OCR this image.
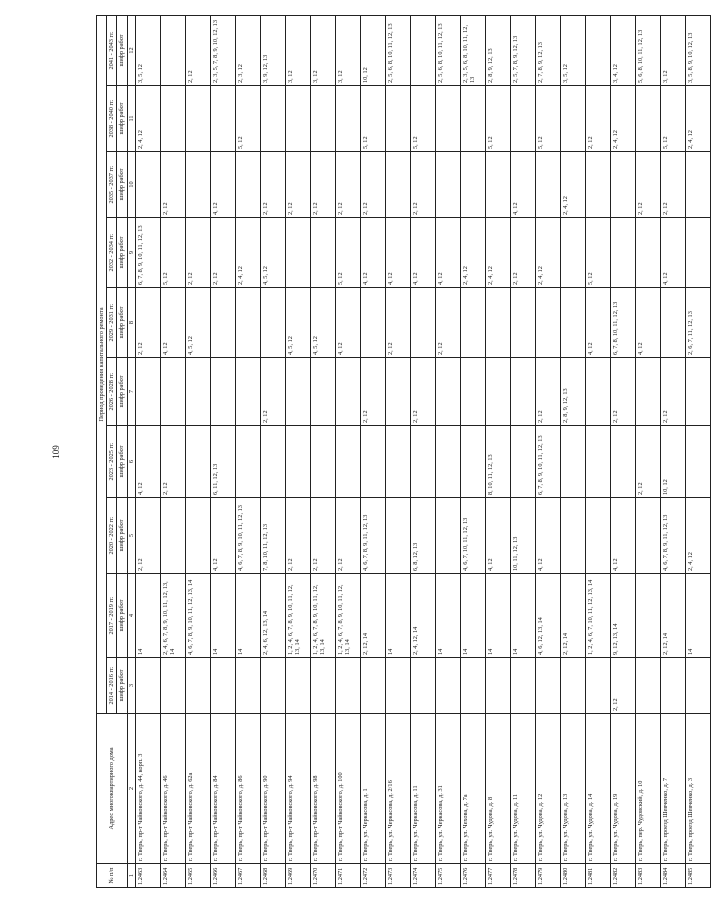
109
№ п/п	Адрес многоквартирного дома	Период проведения капитального ремонта									
		2014 - 2016 гг.	2017 - 2019 гг.	2020 - 2022 гг.	2023 - 2025 гг.	2026 - 2028 гг.	2029 - 2031 гг.	2032 - 2034 гг.	2035 - 2037 гг.	2038 - 2040 гг.	2041 - 2043 гг.
		шифр работ	шифр работ	шифр работ	шифр работ	шифр работ	шифр работ	шифр работ	шифр работ	шифр работ	шифр работ
1	2	3	4	5	6	7	8	9	10	11	12
1.2463	г. Тверь, пр-т Чайковского, д. 44, корп. 3		14	2, 12	4, 12		2, 12	6, 7, 8, 9, 10, 11, 12, 13		2, 4, 12	3, 5, 12
1.2464	г. Тверь, пр-т Чайковского, д. 46		2, 4, 6, 7, 8, 9, 10, 11, 12, 13, 14		2, 12		4, 12	5, 12	2, 12		
1.2465	г. Тверь, пр-т Чайковского, д. 62а		4, 6, 7, 8, 9, 10, 11, 12, 13, 14				4, 5, 12	2, 12			2, 12
1.2466	г. Тверь, пр-т Чайковского, д. 84		14	4, 12	6, 11, 12, 13			2, 12	4, 12		2, 3, 5, 7, 8, 9, 10, 12, 13
1.2467	г. Тверь, пр-т Чайковского, д. 86		14	4, 6, 7, 8, 9, 10, 11, 12, 13				2, 4, 12		5, 12	2, 3, 12
1.2468	г. Тверь, пр-т Чайковского, д. 90		2, 4, 6, 12, 13, 14	7, 8, 10, 11, 12, 13		2, 12		4, 5, 12	2, 12		3, 9, 12, 13
1.2469	г. Тверь, пр-т Чайковского, д. 94		1, 2, 4, 6, 7, 8, 9, 10, 11, 12, 13, 14	2, 12			4, 5, 12		2, 12		3, 12
1.2470	г. Тверь, пр-т Чайковского, д. 98		1, 2, 4, 6, 7, 8, 9, 10, 11, 12, 13, 14	2, 12			4, 5, 12		2, 12		3, 12
1.2471	г. Тверь, пр-т Чайковского, д. 100		1, 2, 4, 6, 7, 8, 9, 10, 11, 12, 13, 14	2, 12			4, 12	5, 12	2, 12		3, 12
1.2472	г. Тверь, ул. Черкасова, д. 1		2, 12, 14	4, 6, 7, 8, 9, 11, 12, 13		2, 12		4, 12	2, 12	5, 12	10, 12
1.2473	г. Тверь, ул. Черкасова, д. 2/16		14				2, 12	4, 12			2, 5, 6, 8, 10, 11, 12, 13
1.2474	г. Тверь, ул. Черкасова, д. 11		2, 4, 12, 14	6, 8, 12, 13		2, 12		4, 12	2, 12	5, 12	
1.2475	г. Тверь, ул. Черкасова, д. 31		14				2, 12	4, 12			2, 5, 6, 8, 10, 11, 12, 13
1.2476	г. Тверь, ул. Чехова, д. 7а		14	4, 6, 7, 10, 11, 12, 13				2, 4, 12			2, 3, 5, 6, 8, 10, 11, 12, 13
1.2477	г. Тверь, ул. Чудова, д. 8		14	4, 12	8, 10, 11, 12, 13			2, 4, 12		5, 12	2, 8, 9, 12, 13
1.2478	г. Тверь, ул. Чудова, д. 11		14	10, 11, 12, 13				2, 12	4, 12		2, 5, 7, 8, 9, 12, 13
1.2479	г. Тверь, ул. Чудова, д. 12		4, 6, 12, 13, 14	4, 12	6, 7, 8, 9, 10, 11, 12, 13	2, 12		2, 4, 12		5, 12	2, 7, 8, 9, 12, 13
1.2480	г. Тверь, ул. Чудова, д. 13		2, 12, 14			2, 8, 9, 12, 13			2, 4, 12		3, 5, 12
1.2481	г. Тверь, ул. Чудова, д. 14		1, 2, 4, 6, 7, 10, 11, 12, 13, 14				4, 12	5, 12		2, 12	
1.2482	г. Тверь, ул. Чудова, д. 19	2, 12	9, 12, 13, 14	4, 12		2, 12	6, 7, 8, 10, 11, 12, 13			2, 4, 12	3, 4, 12
1.2483	г. Тверь, пер. Чудовский, д. 10				2, 12		4, 12		2, 12		5, 6, 8, 10, 11, 12, 13
1.2484	г. Тверь, проезд Шевченко, д. 7		2, 12, 14	4, 6, 7, 8, 9, 11, 12, 13	10, 12	2, 12		4, 12	2, 12	5, 12	3, 12
1.2485	г. Тверь, проезд Шевченко, д. 3		14	2, 4, 12			2, 6, 7, 11, 12, 13			2, 4, 12	3, 5, 8, 9, 10, 12, 13
